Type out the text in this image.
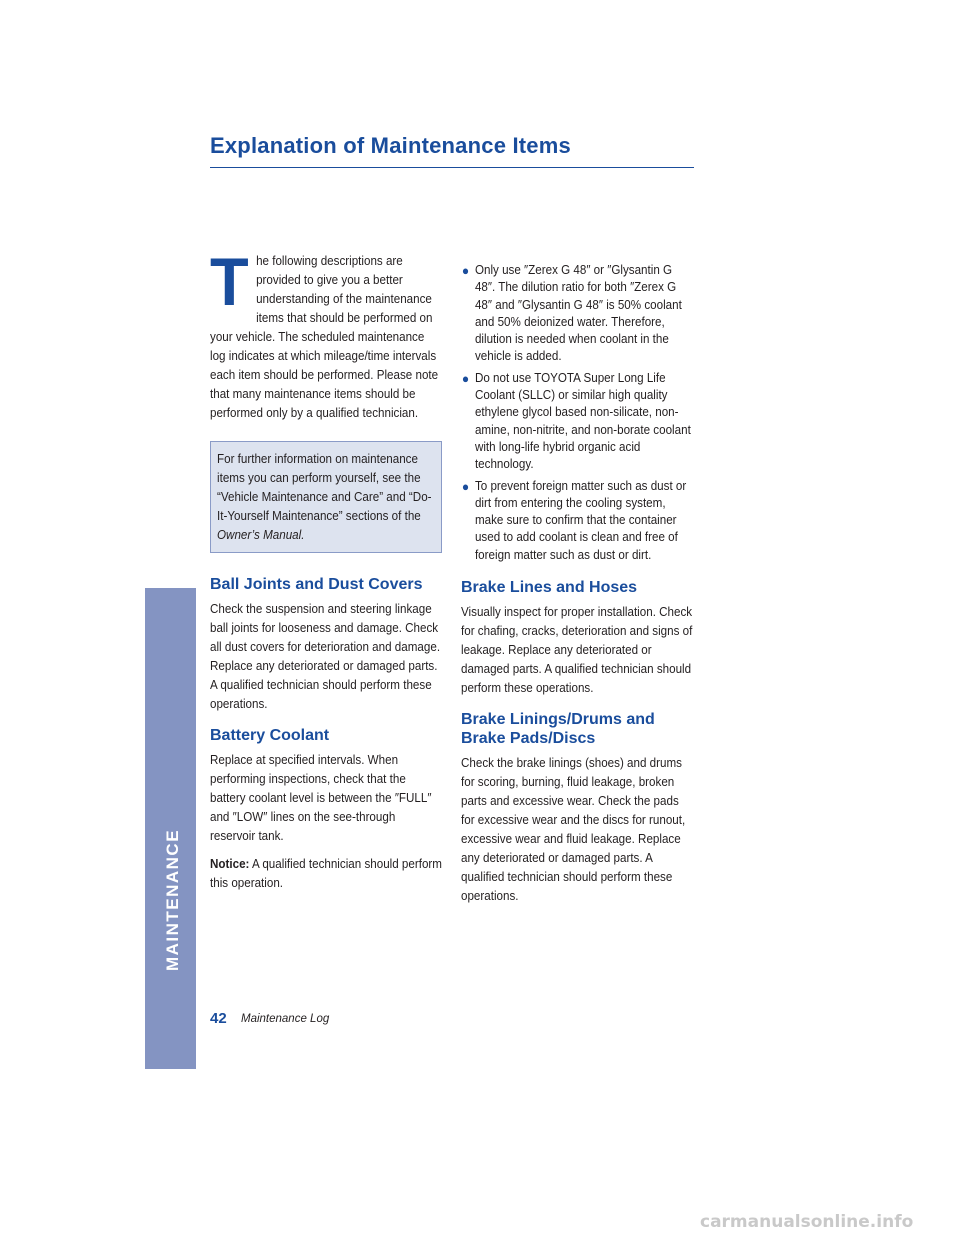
Explanation of Maintenance Items
The following descriptions are provided to give you a better understanding of the maintenance items that should be performed on your vehicle. The scheduled maintenance log indicates at which mileage/time intervals each item should be performed. Please note that many maintenance items should be performed only by a qualified technician.
For further information on maintenance items you can perform yourself, see the “Vehicle Maintenance and Care” and “Do-It-Yourself Maintenance” sections of the Owner’s Manual.
Ball Joints and Dust Covers

Check the suspension and steering linkage ball joints for looseness and damage. Check all dust covers for deterioration and damage. Replace any deteriorated or damaged parts. A qualified technician should perform these operations.

Battery Coolant

Replace at specified intervals. When performing inspections, check that the battery coolant level is between the ″FULL″ and ″LOW″ lines on the see-through reservoir tank.

Notice: A qualified technician should perform this operation.

● Only use ″Zerex G 48″ or ″Glysantin G 48″. The dilution ratio for both ″Zerex G 48″ and ″Glysantin G 48″ is 50% coolant and 50% deionized water. Therefore, dilution is needed when coolant in the vehicle is added.
● Do not use TOYOTA Super Long Life Coolant (SLLC) or similar high quality ethylene glycol based non-silicate, non-amine, non-nitrite, and non-borate coolant with long-life hybrid organic acid technology.
● To prevent foreign matter such as dust or dirt from entering the cooling system, make sure to confirm that the container used to add coolant is clean and free of foreign matter such as dust or dirt.
Brake Lines and Hoses

Visually inspect for proper installation. Check for chafing, cracks, deterioration and signs of leakage. Replace any deteriorated or damaged parts. A qualified technician should perform these operations.

Brake Linings/Drums and Brake Pads/Discs

Check the brake linings (shoes) and drums for scoring, burning, fluid leakage, broken parts and excessive wear. Check the pads for excessive wear and the discs for runout, excessive wear and fluid leakage. Replace any deteriorated or damaged parts. A qualified technician should perform these operations.

MAINTENANCE
42 Maintenance Log
carmanualsonline.info
